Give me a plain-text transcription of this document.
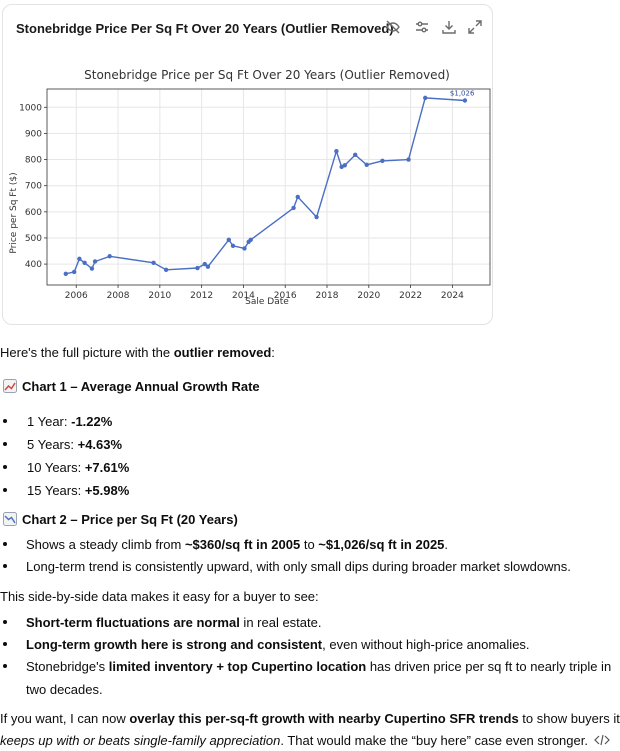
Stonebridge Price Per Sq Ft Over 20 Years (Outlier Removed)
Stonebridge Price per Sq Ft Over 20 Years (Outlier Removed)
2006 2008 2010 2012 2014 2016 2018 2020 2022 2024
400
500
600
700
800
900
1000
$1,026
Sale Date
Price per Sq Ft ($)
Here's the full picture with the outlier removed:
Chart 1 – Average Annual Growth Rate
1 Year: -1.22%
5 Years: +4.63%
10 Years: +7.61%
15 Years: +5.98%
Chart 2 – Price per Sq Ft (20 Years)
Shows a steady climb from ~$360/sq ft in 2005 to ~$1,026/sq ft in 2025.
Long-term trend is consistently upward, with only small dips during broader market slowdowns.
This side-by-side data makes it easy for a buyer to see:
Short-term fluctuations are normal in real estate.
Long-term growth here is strong and consistent, even without high-price anomalies.
Stonebridge's limited inventory + top Cupertino location has driven price per sq ft to nearly triple in
two decades.
If you want, I can now overlay this per-sq-ft growth with nearby Cupertino SFR trends to show buyers it
keeps up with or beats single-family appreciation. That would make the “buy here” case even stronger.
